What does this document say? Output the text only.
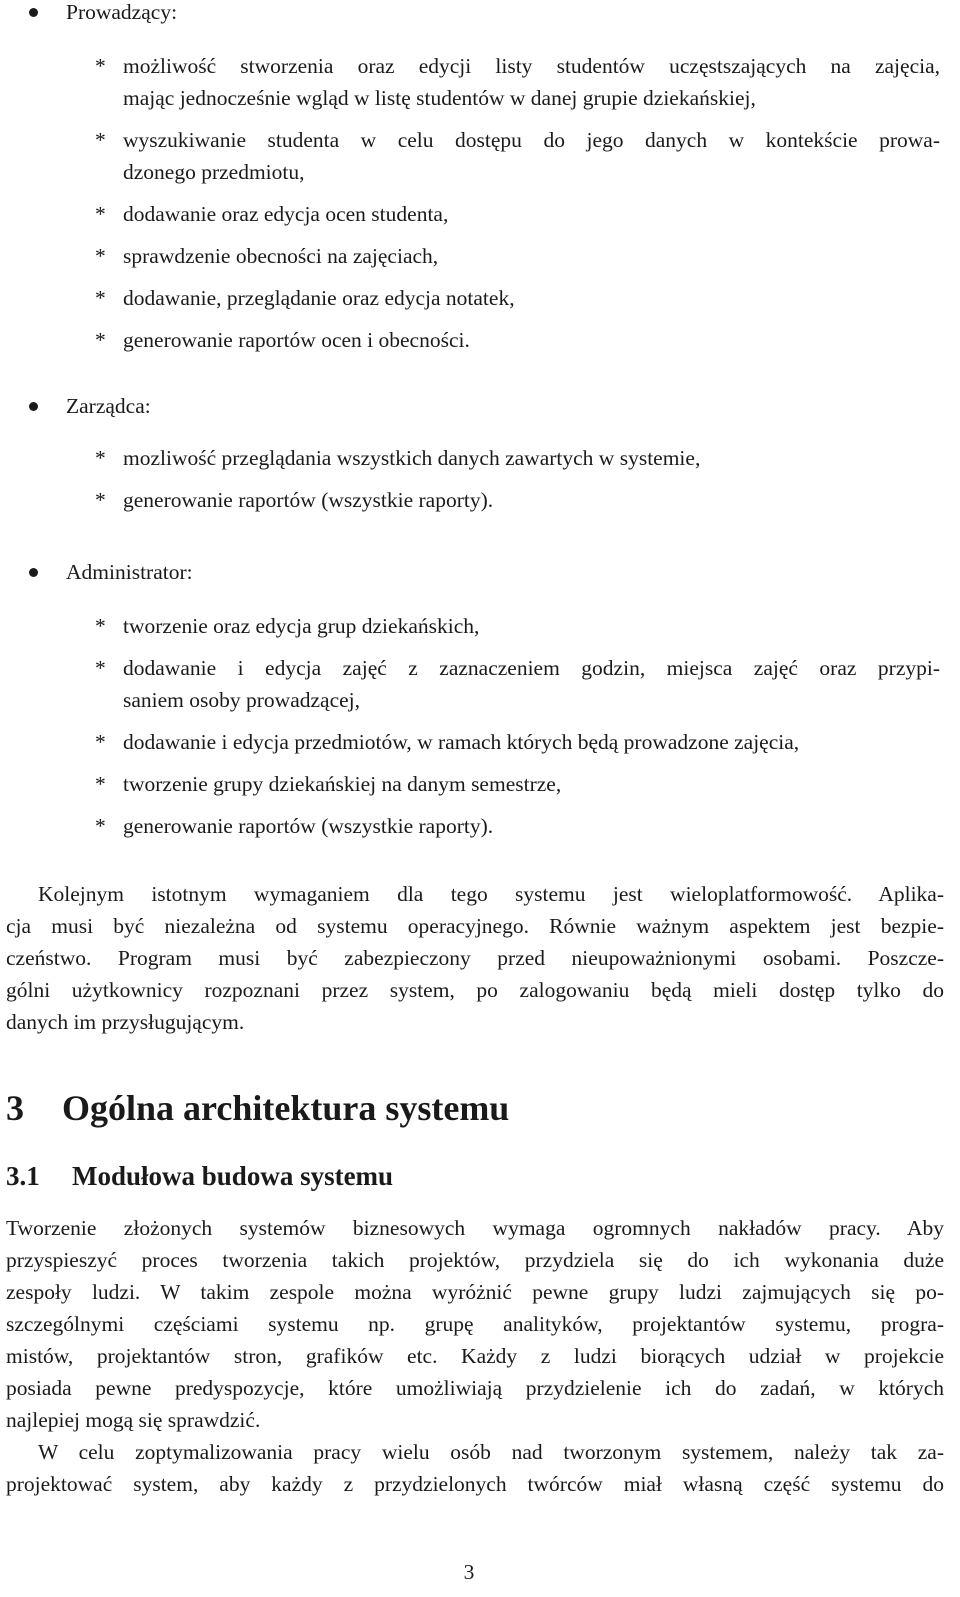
Prowadzący:
* możliwość stworzenia oraz edycji listy studentów uczęstszających na zajęcia,
mając jednocześnie wgląd w listę studentów w danej grupie dziekańskiej,
* wyszukiwanie studenta w celu dostępu do jego danych w kontekście prowa-
dzonego przedmiotu,
* dodawanie oraz edycja ocen studenta,
* sprawdzenie obecności na zajęciach,
* dodawanie, przeglądanie oraz edycja notatek,
* generowanie raportów ocen i obecności.
Zarządca:
* mozliwość przeglądania wszystkich danych zawartych w systemie,
* generowanie raportów (wszystkie raporty).
Administrator:
* tworzenie oraz edycja grup dziekańskich,
* dodawanie i edycja zajęć z zaznaczeniem godzin, miejsca zajęć oraz przypi-
saniem osoby prowadzącej,
* dodawanie i edycja przedmiotów, w ramach których będą prowadzone zajęcia,
* tworzenie grupy dziekańskiej na danym semestrze,
* generowanie raportów (wszystkie raporty).

Kolejnym istotnym wymaganiem dla tego systemu jest wieloplatformowość. Aplika-
cja musi być niezależna od systemu operacyjnego. Równie ważnym aspektem jest bezpie-
czeństwo. Program musi być zabezpieczony przed nieupoważnionymi osobami. Poszcze-
gólni użytkownicy rozpoznani przez system, po zalogowaniu będą mieli dostęp tylko do
danych im przysługującym.

3 Ogólna architektura systemu
3.1 Modułowa budowa systemu

Tworzenie złożonych systemów biznesowych wymaga ogromnych nakładów pracy. Aby
przyspieszyć proces tworzenia takich projektów, przydziela się do ich wykonania duże
zespoły ludzi. W takim zespole można wyróżnić pewne grupy ludzi zajmujących się po-
szczególnymi częściami systemu np. grupę analityków, projektantów systemu, progra-
mistów, projektantów stron, grafików etc. Każdy z ludzi biorących udział w projekcie
posiada pewne predyspozycje, które umożliwiają przydzielenie ich do zadań, w których
najlepiej mogą się sprawdzić.

W celu zoptymalizowania pracy wielu osób nad tworzonym systemem, należy tak za-
projektować system, aby każdy z przydzielonych twórców miał własną część systemu do

3
